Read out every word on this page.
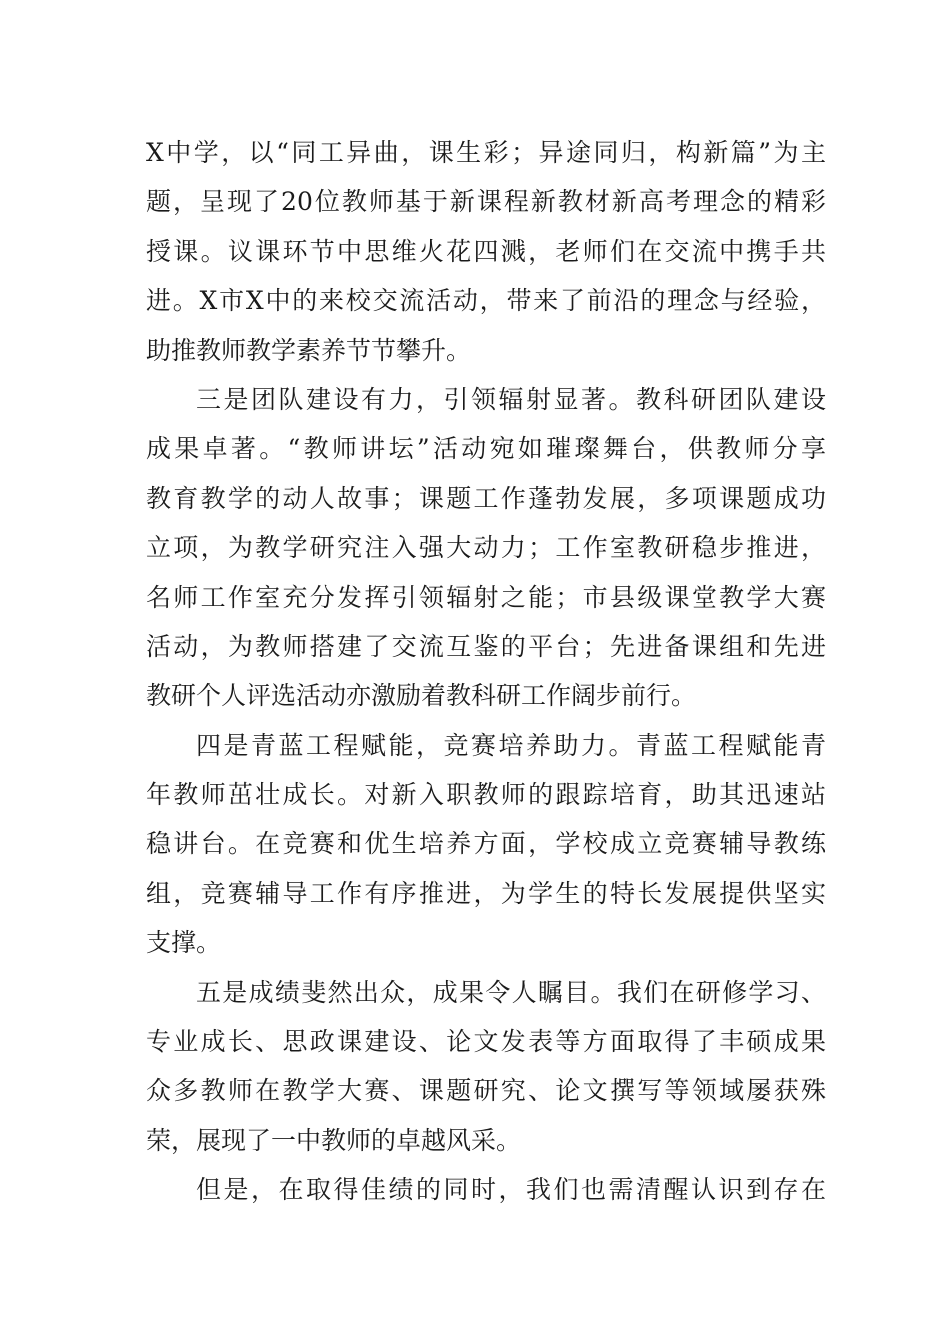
X中学，以“同工异曲，课生彩；异途同归，构新篇”为主
题，呈现了20位教师基于新课程新教材新高考理念的精彩
授课。议课环节中思维火花四溅，老师们在交流中携手共
进。X市X中的来校交流活动，带来了前沿的理念与经验，
助推教师教学素养节节攀升。
三是团队建设有力，引领辐射显著。教科研团队建设
成果卓著。“教师讲坛”活动宛如璀璨舞台，供教师分享
教育教学的动人故事；课题工作蓬勃发展，多项课题成功
立项，为教学研究注入强大动力；工作室教研稳步推进，
名师工作室充分发挥引领辐射之能；市县级课堂教学大赛
活动，为教师搭建了交流互鉴的平台；先进备课组和先进
教研个人评选活动亦激励着教科研工作阔步前行。
四是青蓝工程赋能，竞赛培养助力。青蓝工程赋能青
年教师茁壮成长。对新入职教师的跟踪培育，助其迅速站
稳讲台。在竞赛和优生培养方面，学校成立竞赛辅导教练
组，竞赛辅导工作有序推进，为学生的特长发展提供坚实
支撑。
五是成绩斐然出众，成果令人瞩目。我们在研修学习、
专业成长、思政课建设、论文发表等方面取得了丰硕成果
众多教师在教学大赛、课题研究、论文撰写等领域屡获殊
荣，展现了一中教师的卓越风采。
但是，在取得佳绩的同时，我们也需清醒认识到存在
